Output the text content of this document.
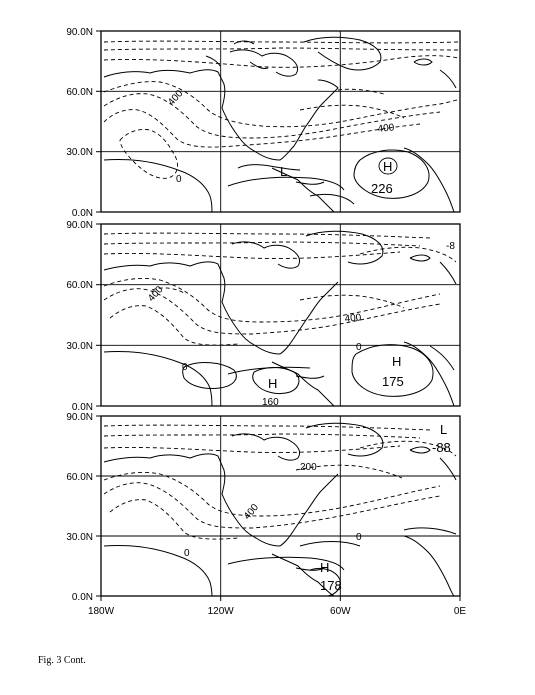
90.0N
60.0N
30.0N
0.0N
400
400
0
L	H
226
90.0N
60.0N
30.0N
0.0N
-8
400
400
0
0
H
H
175
160
90.0N
60.0N
30.0N
0.0N
L
-88
200
400
0
0
H
178
180W	120W	60W	0E
Fig. 3 Cont.
